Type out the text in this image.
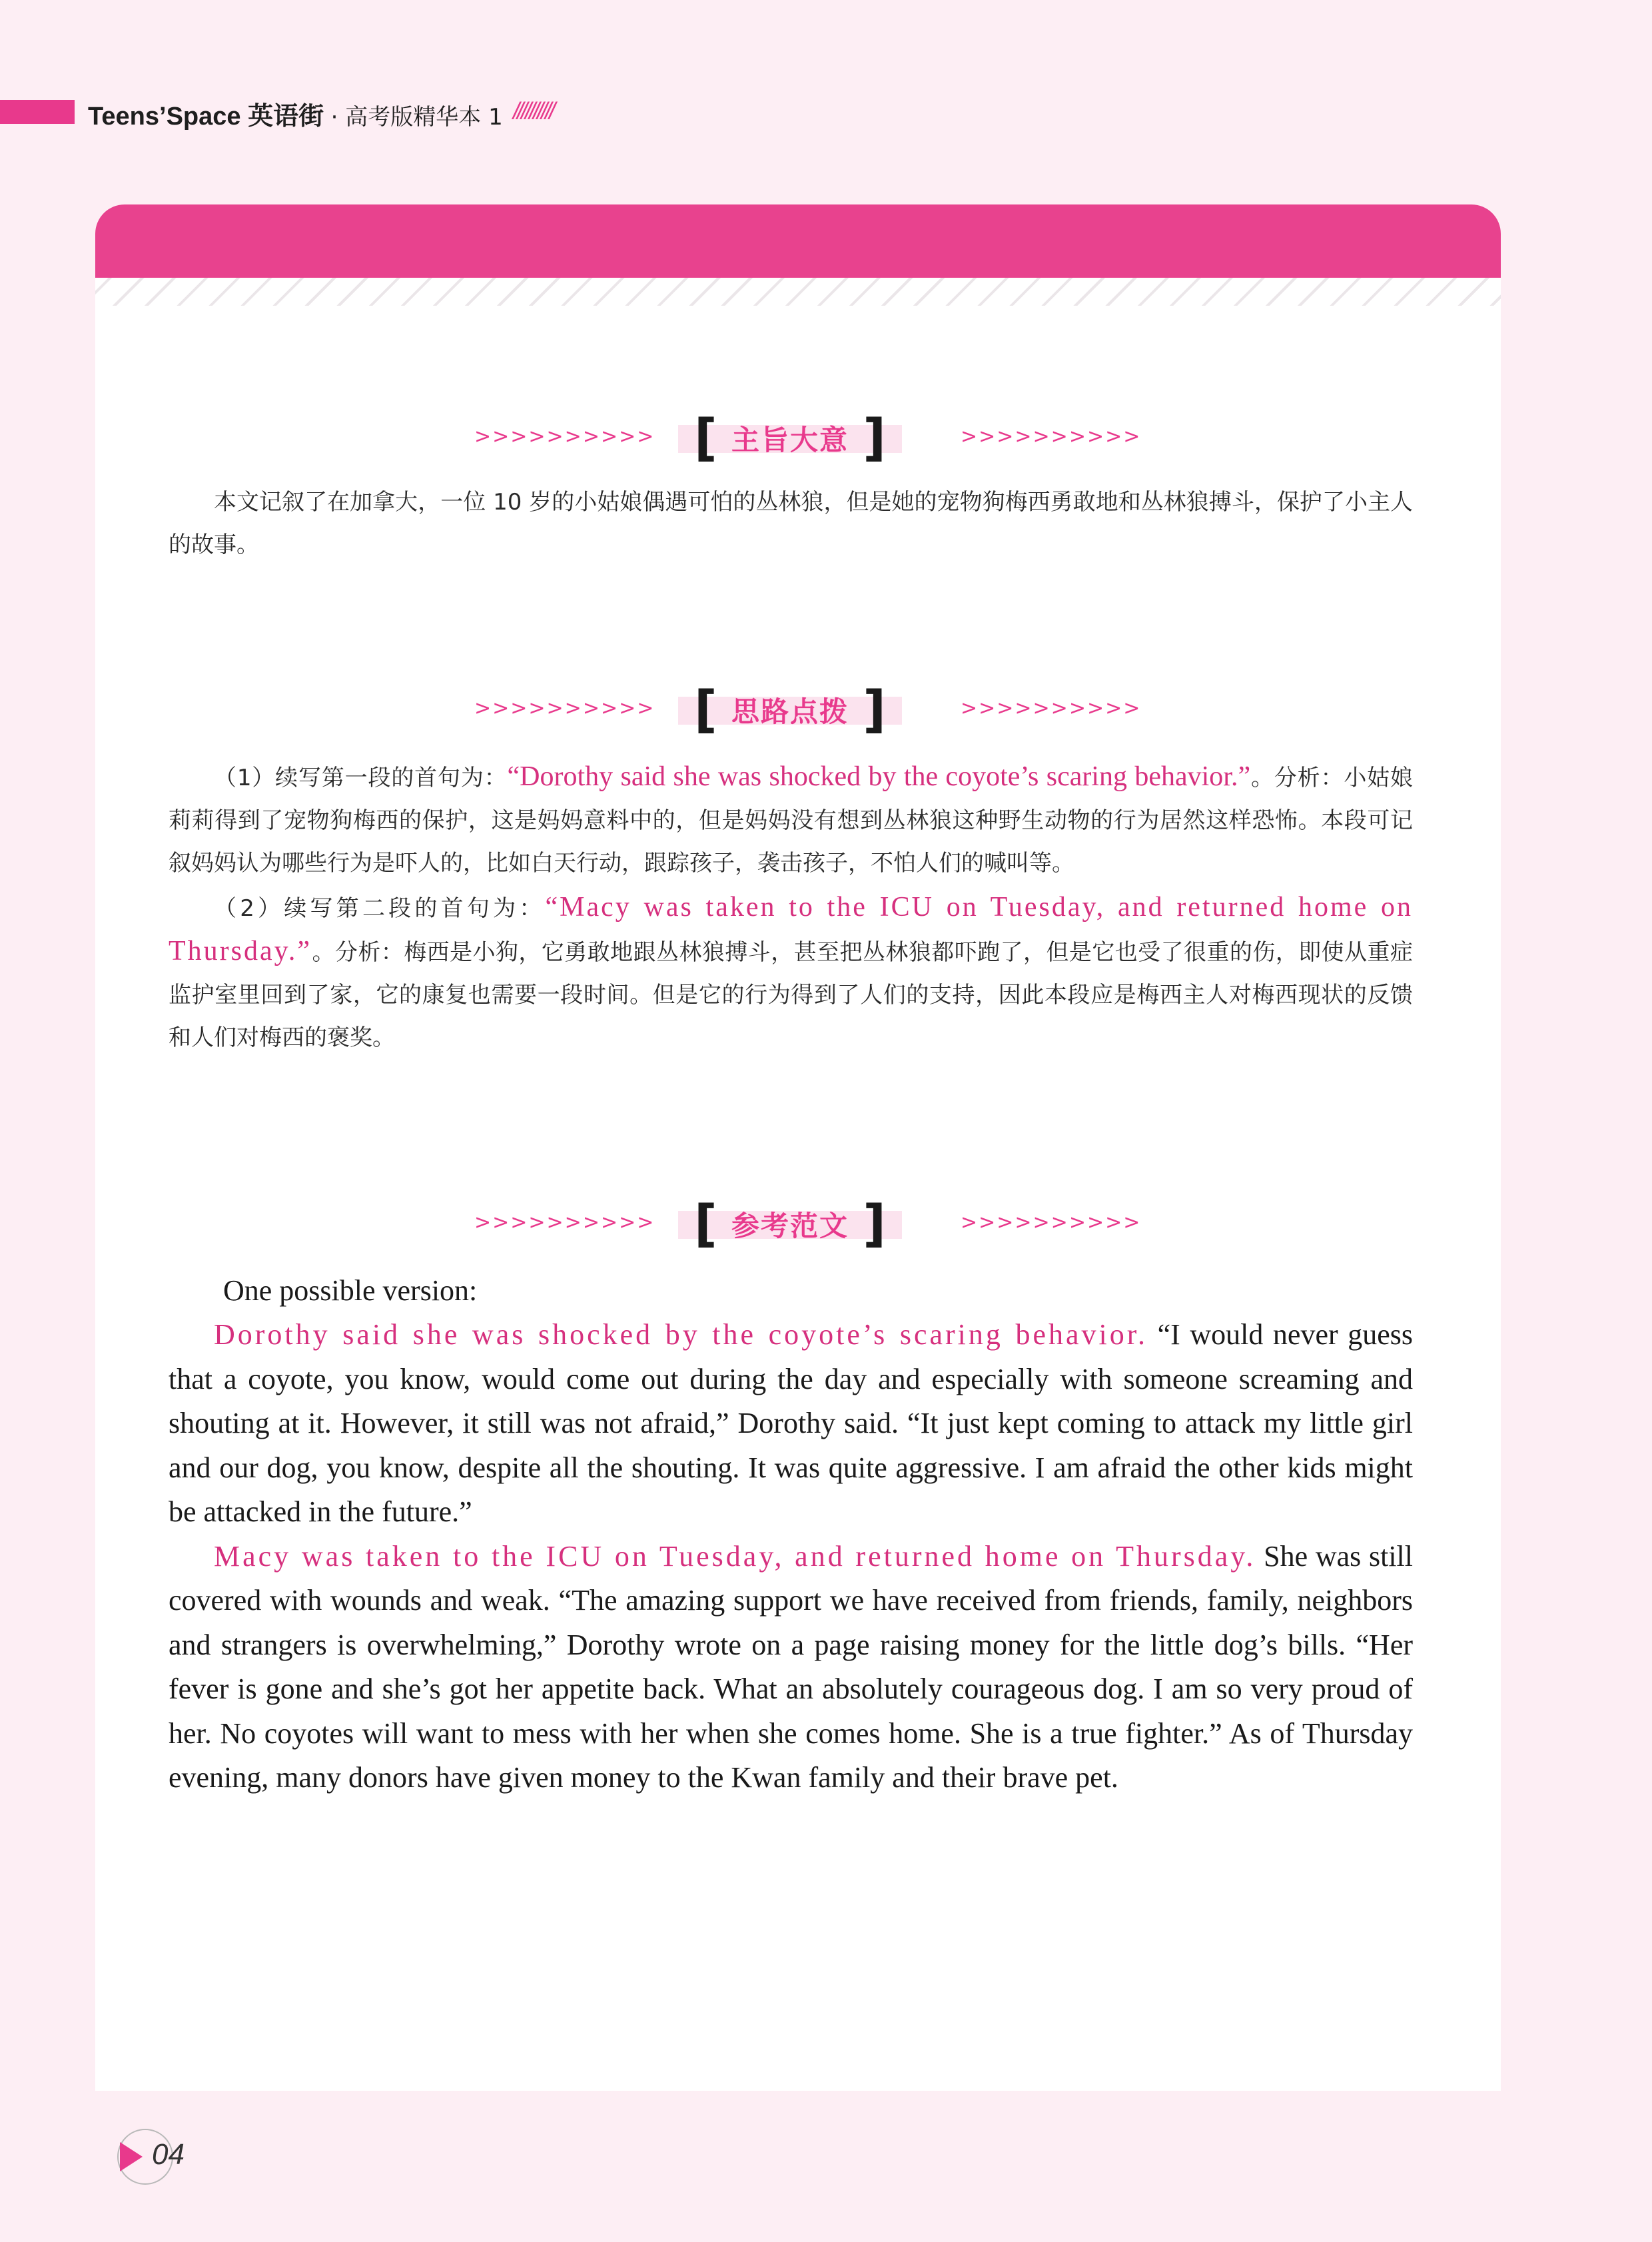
Teens’Space 英语街 · 高考版精华本 1 //////////
>>>>>>>>>> [ 主旨大意 ]	>>>>>>>>>>

本文记叙了在加拿大，一位 10 岁的小姑娘偶遇可怕的丛林狼，但是她的宠物狗梅西勇敢地和丛林狼搏斗，保护了小主人的故事。

>>>>>>>>>> [ 思路点拨 ]	>>>>>>>>>>

（1）续写第一段的首句为：“Dorothy said she was shocked by the coyote’s scaring behavior.”。分析：小姑娘莉莉得到了宠物狗梅西的保护，这是妈妈意料中的，但是妈妈没有想到丛林狼这种野生动物的行为居然这样恐怖。本段可记叙妈妈认为哪些行为是吓人的，比如白天行动，跟踪孩子，袭击孩子，不怕人们的喊叫等。

（2）续写第二段的首句为：“Macy was taken to the ICU on Tuesday, and returned home on Thursday.”。分析：梅西是小狗，它勇敢地跟丛林狼搏斗，甚至把丛林狼都吓跑了，但是它也受了很重的伤，即使从重症监护室里回到了家，它的康复也需要一段时间。但是它的行为得到了人们的支持，因此本段应是梅西主人对梅西现状的反馈和人们对梅西的褒奖。

>>>>>>>>>> [ 参考范文 ]	>>>>>>>>>>

One possible version:

Dorothy said she was shocked by the coyote’s scaring behavior. “I would never guess that a coyote, you know, would come out during the day and especially with someone screaming and shouting at it. However, it still was not afraid,” Dorothy said. “It just kept coming to attack my little girl and our dog, you know, despite all the shouting. It was quite aggressive. I am afraid the other kids might be attacked in the future.”

Macy was taken to the ICU on Tuesday, and returned home on Thursday. She was still covered with wounds and weak. “The amazing support we have received from friends, family, neighbors and strangers is overwhelming,” Dorothy wrote on a page raising money for the little dog’s bills. “Her fever is gone and she’s got her appetite back. What an absolutely courageous dog. I am so very proud of her. No coyotes will want to mess with her when she comes home. She is a true fighter.” As of Thursday evening, many donors have given money to the Kwan family and their brave pet.

04
